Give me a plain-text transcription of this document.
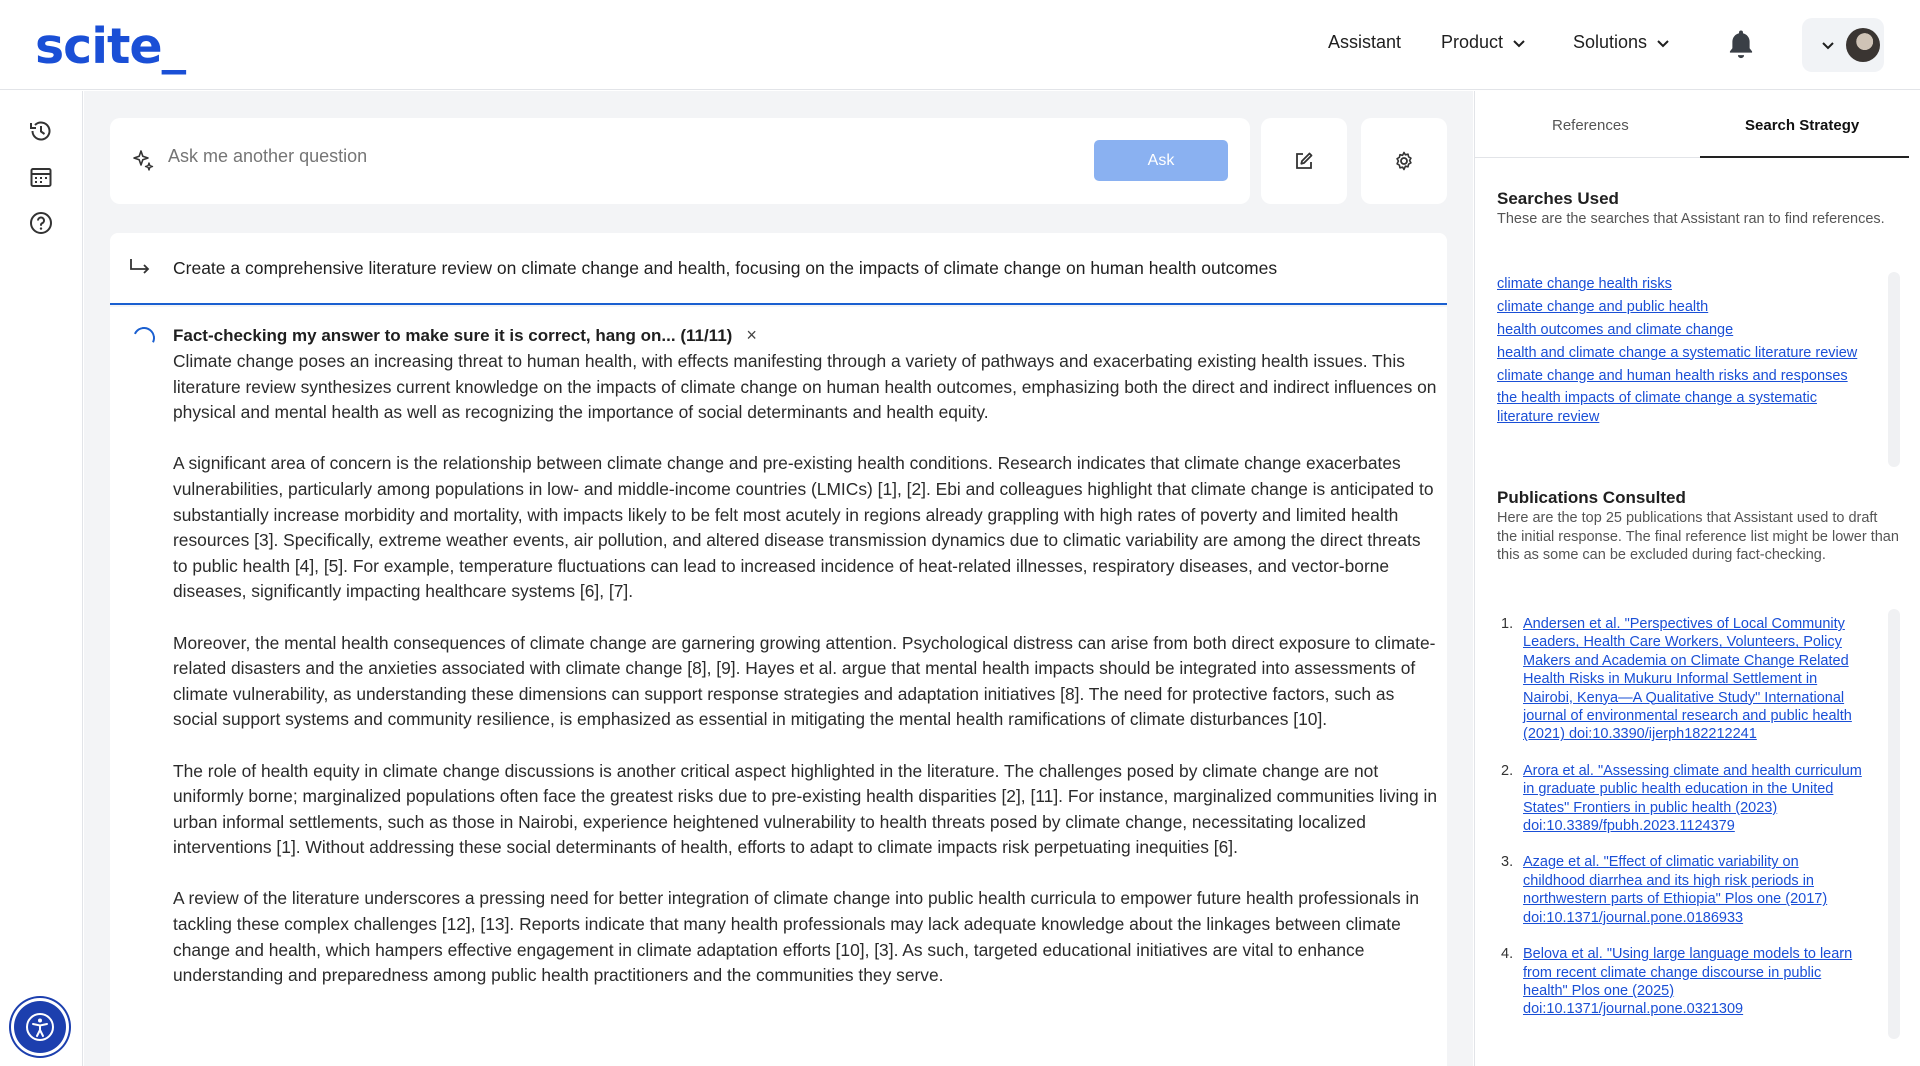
scite_	Assistant Product	Solutions
Ask me another question
Ask
Create a comprehensive literature review on climate change and health, focusing on the impacts of climate change on human health outcomes
Fact-checking my answer to make sure it is correct, hang on... (11/11) ×

Climate change poses an increasing threat to human health, with effects manifesting through a variety of pathways and exacerbating existing health issues. This literature review synthesizes current knowledge on the impacts of climate change on human health outcomes, emphasizing both the direct and indirect influences on physical and mental health as well as recognizing the importance of social determinants and health equity.

A significant area of concern is the relationship between climate change and pre-existing health conditions. Research indicates that climate change exacerbates vulnerabilities, particularly among populations in low- and middle-income countries (LMICs) [1], [2]. Ebi and colleagues highlight that climate change is anticipated to substantially increase morbidity and mortality, with impacts likely to be felt most acutely in regions already grappling with high rates of poverty and limited health resources [3]. Specifically, extreme weather events, air pollution, and altered disease transmission dynamics due to climatic variability are among the direct threats to public health [4], [5]. For example, temperature fluctuations can lead to increased incidence of heat-related illnesses, respiratory diseases, and vector-borne diseases, significantly impacting healthcare systems [6], [7].

Moreover, the mental health consequences of climate change are garnering growing attention. Psychological distress can arise from both direct exposure to climate-related disasters and the anxieties associated with climate change [8], [9]. Hayes et al. argue that mental health impacts should be integrated into assessments of climate vulnerability, as understanding these dimensions can support response strategies and adaptation initiatives [8]. The need for protective factors, such as social support systems and community resilience, is emphasized as essential in mitigating the mental health ramifications of climate disturbances [10].

The role of health equity in climate change discussions is another critical aspect highlighted in the literature. The challenges posed by climate change are not uniformly borne; marginalized populations often face the greatest risks due to pre-existing health disparities [2], [11]. For instance, marginalized communities living in urban informal settlements, such as those in Nairobi, experience heightened vulnerability to health threats posed by climate change, necessitating localized interventions [1]. Without addressing these social determinants of health, efforts to adapt to climate impacts risk perpetuating inequities [6].

A review of the literature underscores a pressing need for better integration of climate change into public health curricula to empower future health professionals in tackling these complex challenges [12], [13]. Reports indicate that many health professionals may lack adequate knowledge about the linkages between climate change and health, which hampers effective engagement in climate adaptation efforts [10], [3]. As such, targeted educational initiatives are vital to enhance understanding and preparedness among public health practitioners and the communities they serve.

References	Search Strategy
Searches Used
These are the searches that Assistant ran to find references.
climate change health risks
climate change and public health
health outcomes and climate change
health and climate change a systematic literature review
climate change and human health risks and responses
the health impacts of climate change a systematic literature review
Publications Consulted
Here are the top 25 publications that Assistant used to draft the initial response. The final reference list might be lower than this as some can be excluded during fact-checking.
1. Andersen et al. "Perspectives of Local Community Leaders, Health Care Workers, Volunteers, Policy Makers and Academia on Climate Change Related Health Risks in Mukuru Informal Settlement in Nairobi, Kenya—A Qualitative Study" International journal of environmental research and public health (2021) doi:10.3390/ijerph182212241
2. Arora et al. "Assessing climate and health curriculum in graduate public health education in the United States" Frontiers in public health (2023) doi:10.3389/fpubh.2023.1124379
3. Azage et al. "Effect of climatic variability on childhood diarrhea and its high risk periods in northwestern parts of Ethiopia" Plos one (2017) doi:10.1371/journal.pone.0186933
4. Belova et al. "Using large language models to learn from recent climate change discourse in public health" Plos one (2025) doi:10.1371/journal.pone.0321309
